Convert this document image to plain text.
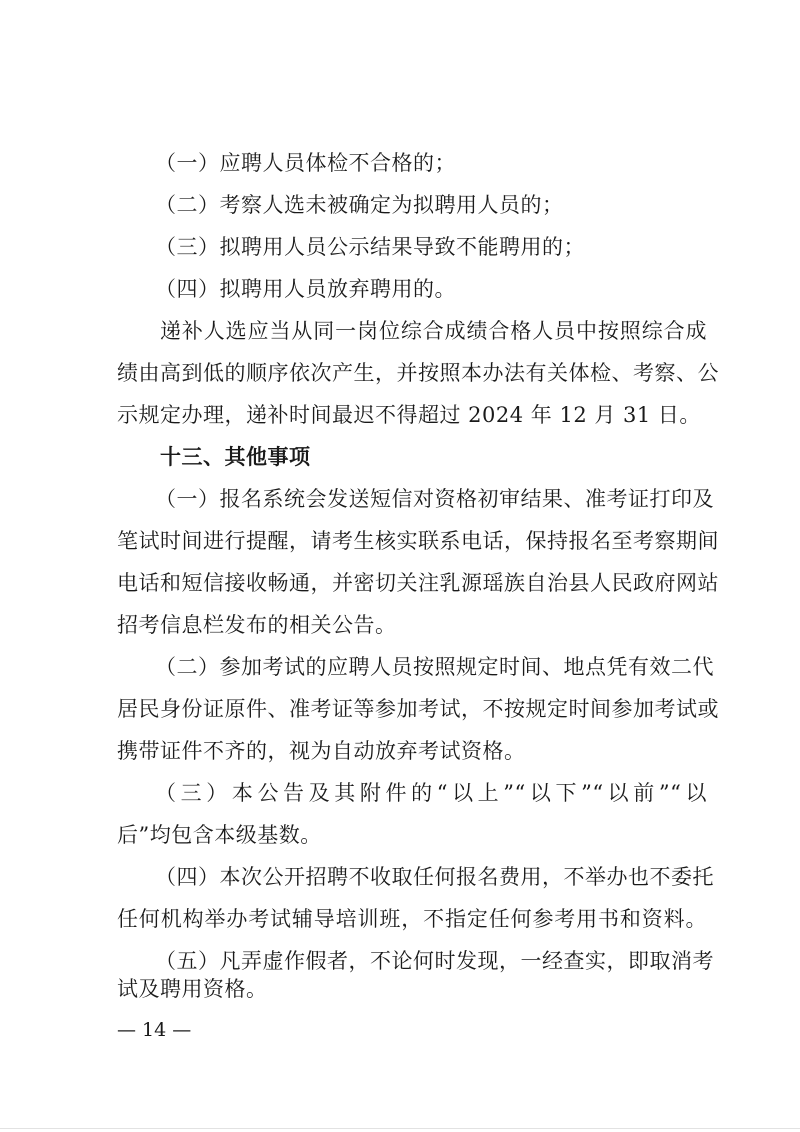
（一）应聘人员体检不合格的；
（二）考察人选未被确定为拟聘用人员的；
（三）拟聘用人员公示结果导致不能聘用的；
（四）拟聘用人员放弃聘用的。
递补人选应当从同一岗位综合成绩合格人员中按照综合成
绩由高到低的顺序依次产生，并按照本办法有关体检、考察、公
示规定办理，递补时间最迟不得超过 2024 年 12 月 31 日。
十三、其他事项
（一）报名系统会发送短信对资格初审结果、准考证打印及
笔试时间进行提醒，请考生核实联系电话，保持报名至考察期间
电话和短信接收畅通，并密切关注乳源瑶族自治县人民政府网站
招考信息栏发布的相关公告。
（二）参加考试的应聘人员按照规定时间、地点凭有效二代
居民身份证原件、准考证等参加考试，不按规定时间参加考试或
携带证件不齐的，视为自动放弃考试资格。
（三）本公告及其附件的“以上”“以下”“以前”“以
后”均包含本级基数。
（四）本次公开招聘不收取任何报名费用，不举办也不委托
任何机构举办考试辅导培训班，不指定任何参考用书和资料。
（五）凡弄虚作假者，不论何时发现，一经查实，即取消考
试及聘用资格。
— 14 —
